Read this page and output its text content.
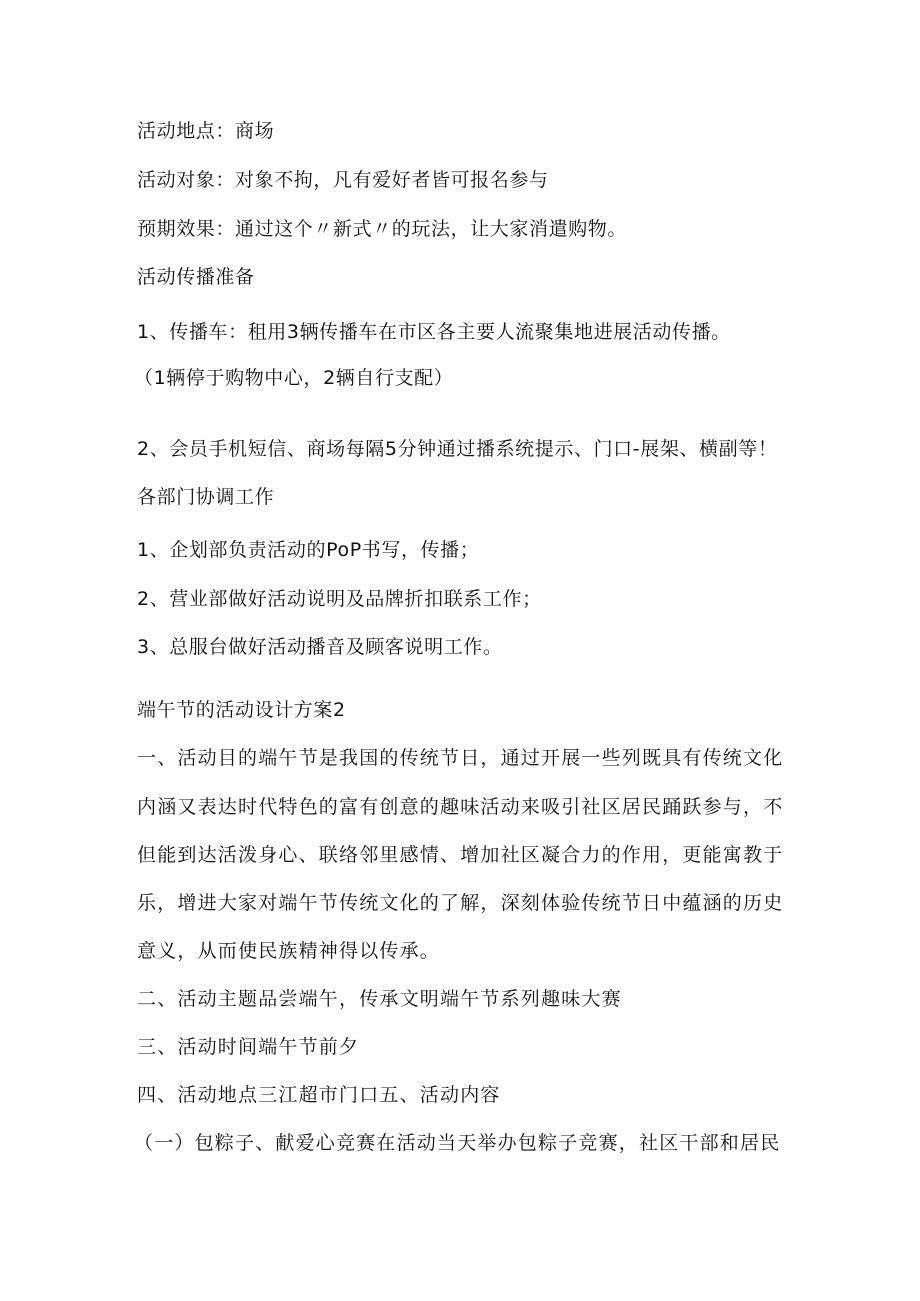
活动地点：商场
活动对象：对象不拘，凡有爱好者皆可报名参与
预期效果：通过这个〃新式〃的玩法，让大家消遣购物。
活动传播准备
1、传播车：租用3辆传播车在市区各主要人流聚集地进展活动传播。
（1辆停于购物中心，2辆自行支配）
2、会员手机短信、商场每隔5分钟通过播系统提示、门口-展架、横副等！
各部门协调工作
1、企划部负责活动的PoP书写，传播；
2、营业部做好活动说明及品牌折扣联系工作；
3、总服台做好活动播音及顾客说明工作。
端午节的活动设计方案2
一、活动目的端午节是我国的传统节日，通过开展一些列既具有传统文化
内涵又表达时代特色的富有创意的趣味活动来吸引社区居民踊跃参与，不
但能到达活泼身心、联络邻里感情、增加社区凝合力的作用，更能寓教于
乐，增进大家对端午节传统文化的了解，深刻体验传统节日中蕴涵的历史
意义，从而使民族精神得以传承。
二、活动主题品尝端午，传承文明端午节系列趣味大赛
三、活动时间端午节前夕
四、活动地点三江超市门口五、活动内容
（一）包粽子、献爱心竞赛在活动当天举办包粽子竞赛，社区干部和居民
